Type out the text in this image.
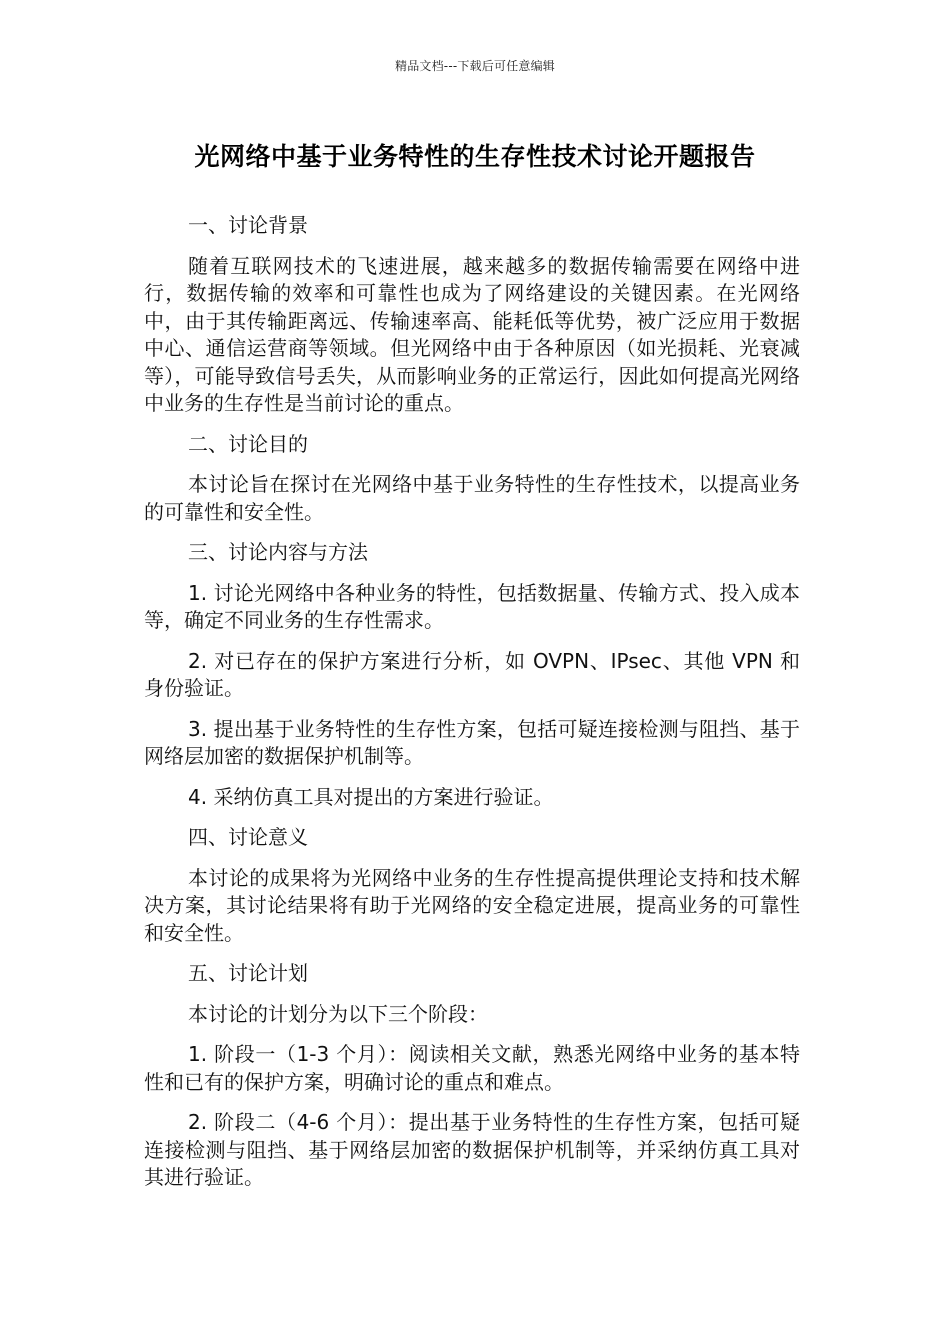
精品文档---下载后可任意编辑
光网络中基于业务特性的生存性技术讨论开题报告

一、讨论背景

随着互联网技术的飞速进展，越来越多的数据传输需要在网络中进行，数据传输的效率和可靠性也成为了网络建设的关键因素。在光网络中，由于其传输距离远、传输速率高、能耗低等优势，被广泛应用于数据中心、通信运营商等领域。但光网络中由于各种原因（如光损耗、光衰减等），可能导致信号丢失，从而影响业务的正常运行，因此如何提高光网络中业务的生存性是当前讨论的重点。

二、讨论目的

本讨论旨在探讨在光网络中基于业务特性的生存性技术，以提高业务的可靠性和安全性。

三、讨论内容与方法

1. 讨论光网络中各种业务的特性，包括数据量、传输方式、投入成本等，确定不同业务的生存性需求。

2. 对已存在的保护方案进行分析，如 OVPN、IPsec、其他 VPN 和身份验证。

3. 提出基于业务特性的生存性方案，包括可疑连接检测与阻挡、基于网络层加密的数据保护机制等。

4. 采纳仿真工具对提出的方案进行验证。

四、讨论意义

本讨论的成果将为光网络中业务的生存性提高提供理论支持和技术解决方案，其讨论结果将有助于光网络的安全稳定进展，提高业务的可靠性和安全性。

五、讨论计划

本讨论的计划分为以下三个阶段：

1. 阶段一（1-3 个月）：阅读相关文献，熟悉光网络中业务的基本特性和已有的保护方案，明确讨论的重点和难点。

2. 阶段二（4-6 个月）：提出基于业务特性的生存性方案，包括可疑连接检测与阻挡、基于网络层加密的数据保护机制等，并采纳仿真工具对其进行验证。
